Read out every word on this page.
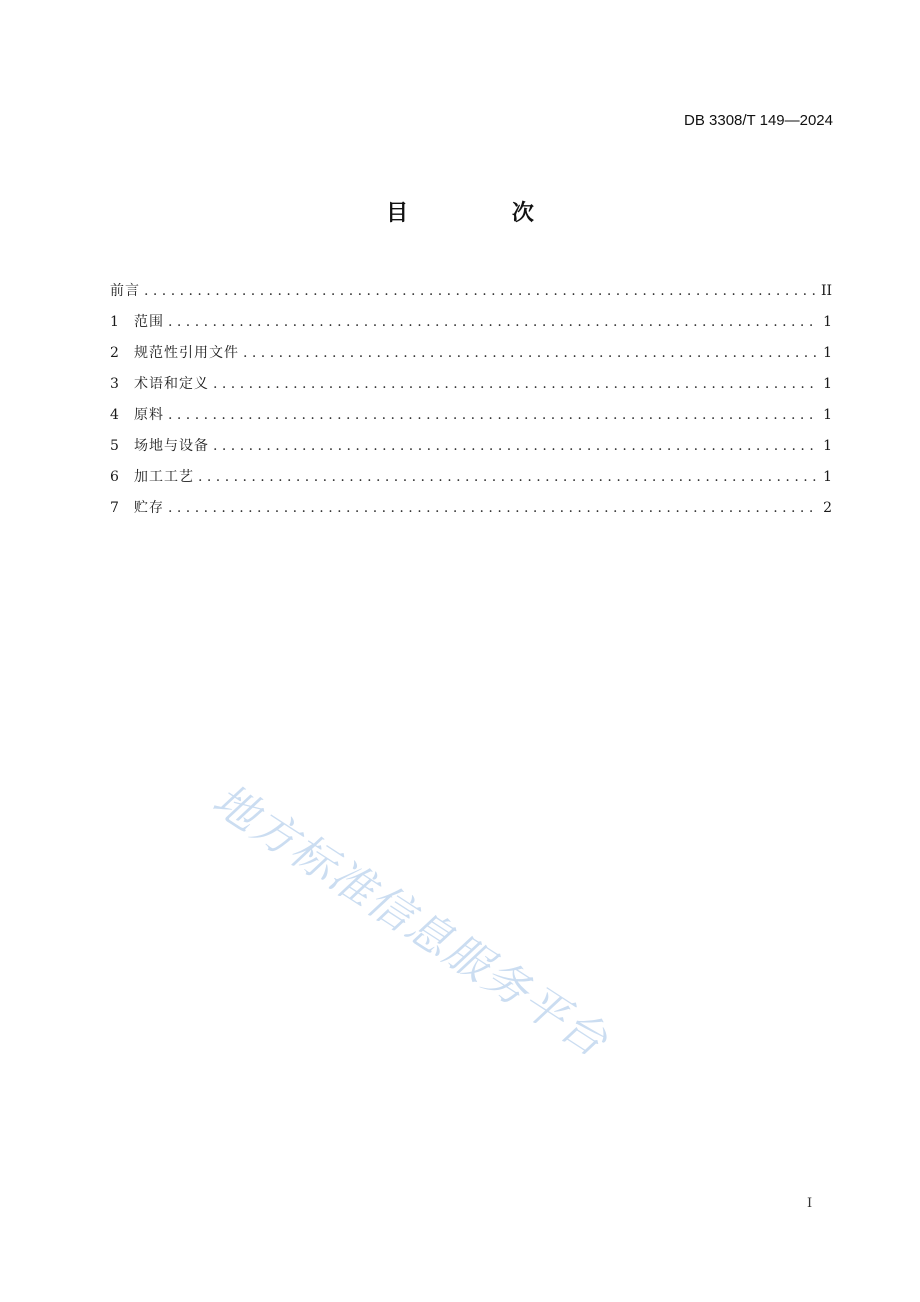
DB 3308/T 149—2024
目 次
前言 . . .	II
1	范围 . . .	1
2	规范性引用文件 . . .	1
3	术语和定义 . . .	1
4	原料 . . .	1
5	场地与设备 . . .	1
6	加工工艺 . . .	1
7	贮存 . . .	2
地方标准信息服务平台
I
